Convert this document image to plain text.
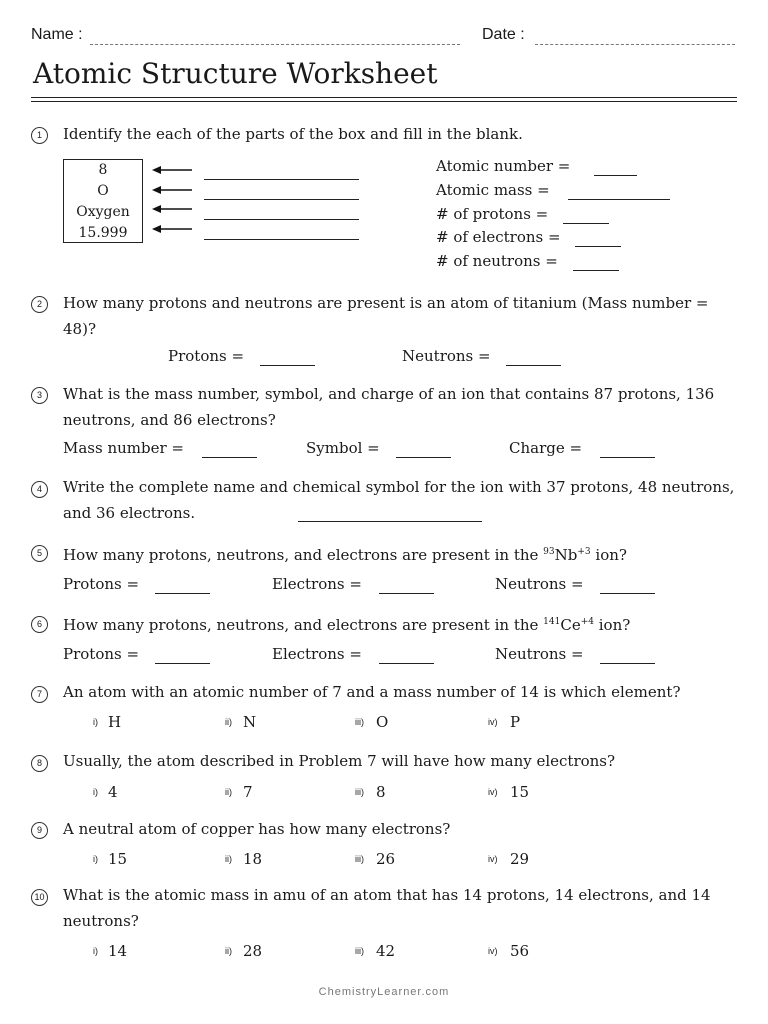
Name :	Date :
Atomic Structure Worksheet
1	Identify the each of the parts of the box and fill in the blank.
8
O
Oxygen
15.999
Atomic number =
Atomic mass =
# of protons =
# of electrons =
# of neutrons =
2	How many protons and neutrons are present is an atom of titanium (Mass number = 48)?
Protons =	Neutrons =
3	What is the mass number, symbol, and charge of an ion that contains 87 protons, 136 neutrons, and 86 electrons?
Mass number =	Symbol =	Charge =
4	Write the complete name and chemical symbol for the ion with 37 protons, 48 neutrons, and 36 electrons.
5	How many protons, neutrons, and electrons are present in the $^{93}Nb^{+3}$ ion?
Protons =	Electrons =	Neutrons =
6	How many protons, neutrons, and electrons are present in the $^{141}Ce^{+4}$ ion?
Protons =	Electrons =	Neutrons =
7	An atom with an atomic number of 7 and a mass number of 14 is which element?
i) H	ii) N	iii) O	iv) P
8	Usually, the atom described in Problem 7 will have how many electrons?
i) 4	ii) 7	iii) 8	iv) 15
9	A neutral atom of copper has how many electrons?
i) 15	ii) 18	iii) 26	iv) 29
10 What is the atomic mass in amu of an atom that has 14 protons, 14 electrons, and 14 neutrons?
i) 14	ii) 28	iii) 42	iv) 56
ChemistryLearner.com
